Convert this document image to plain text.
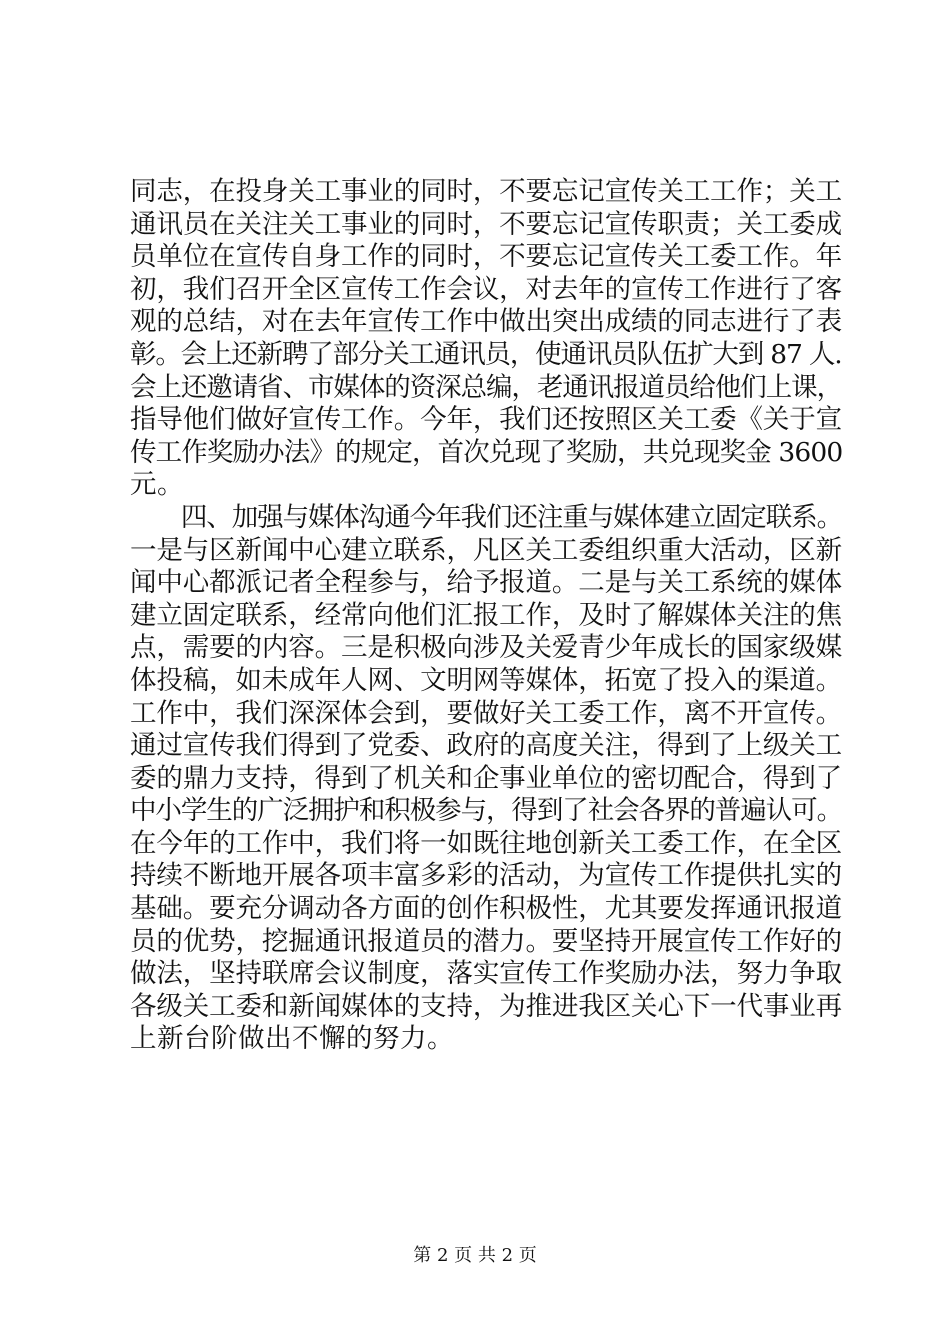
同志，在投身关工事业的同时，不要忘记宣传关工工作；关工
通讯员在关注关工事业的同时，不要忘记宣传职责；关工委成
员单位在宣传自身工作的同时，不要忘记宣传关工委工作。年
初，我们召开全区宣传工作会议，对去年的宣传工作进行了客
观的总结，对在去年宣传工作中做出突出成绩的同志进行了表
彰。会上还新聘了部分关工通讯员，使通讯员队伍扩大到 87 人.
会上还邀请省、市媒体的资深总编，老通讯报道员给他们上课，
指导他们做好宣传工作。今年，我们还按照区关工委《关于宣
传工作奖励办法》的规定，首次兑现了奖励，共兑现奖金 3600
元。
　　四、加强与媒体沟通今年我们还注重与媒体建立固定联系。
一是与区新闻中心建立联系，凡区关工委组织重大活动，区新
闻中心都派记者全程参与，给予报道。二是与关工系统的媒体
建立固定联系，经常向他们汇报工作，及时了解媒体关注的焦
点，需要的内容。三是积极向涉及关爱青少年成长的国家级媒
体投稿，如未成年人网、文明网等媒体，拓宽了投入的渠道。
工作中，我们深深体会到，要做好关工委工作，离不开宣传。
通过宣传我们得到了党委、政府的高度关注，得到了上级关工
委的鼎力支持，得到了机关和企事业单位的密切配合，得到了
中小学生的广泛拥护和积极参与，得到了社会各界的普遍认可。
在今年的工作中，我们将一如既往地创新关工委工作，在全区
持续不断地开展各项丰富多彩的活动，为宣传工作提供扎实的
基础。要充分调动各方面的创作积极性，尤其要发挥通讯报道
员的优势，挖掘通讯报道员的潜力。要坚持开展宣传工作好的
做法，坚持联席会议制度，落实宣传工作奖励办法，努力争取
各级关工委和新闻媒体的支持，为推进我区关心下一代事业再
上新台阶做出不懈的努力。
第 2 页 共 2 页
